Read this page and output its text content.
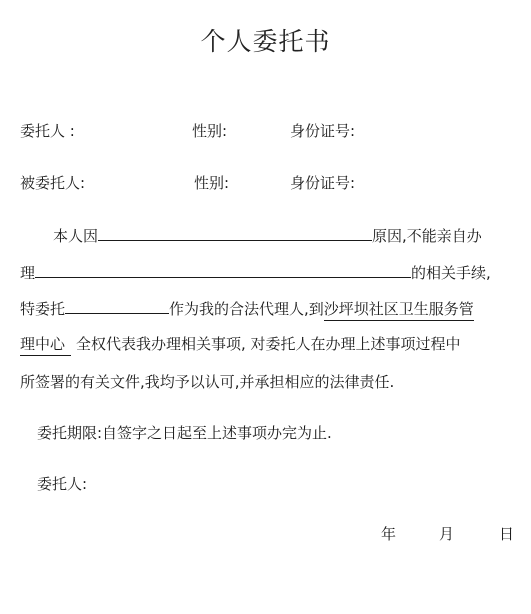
个人委托书
委托人 :	性别:	身份证号:
被委托人:	性别:	身份证号:
本人因	原因,不能亲自办
理	的相关手续,
特委托	作为我的合法代理人,到沙坪坝社区卫生服务管
理中心 全权代表我办理相关事项, 对委托人在办理上述事项过程中
所签署的有关文件,我均予以认可,并承担相应的法律责任.
委托期限:自签字之日起至上述事项办完为止.
委托人:
年	月	日
